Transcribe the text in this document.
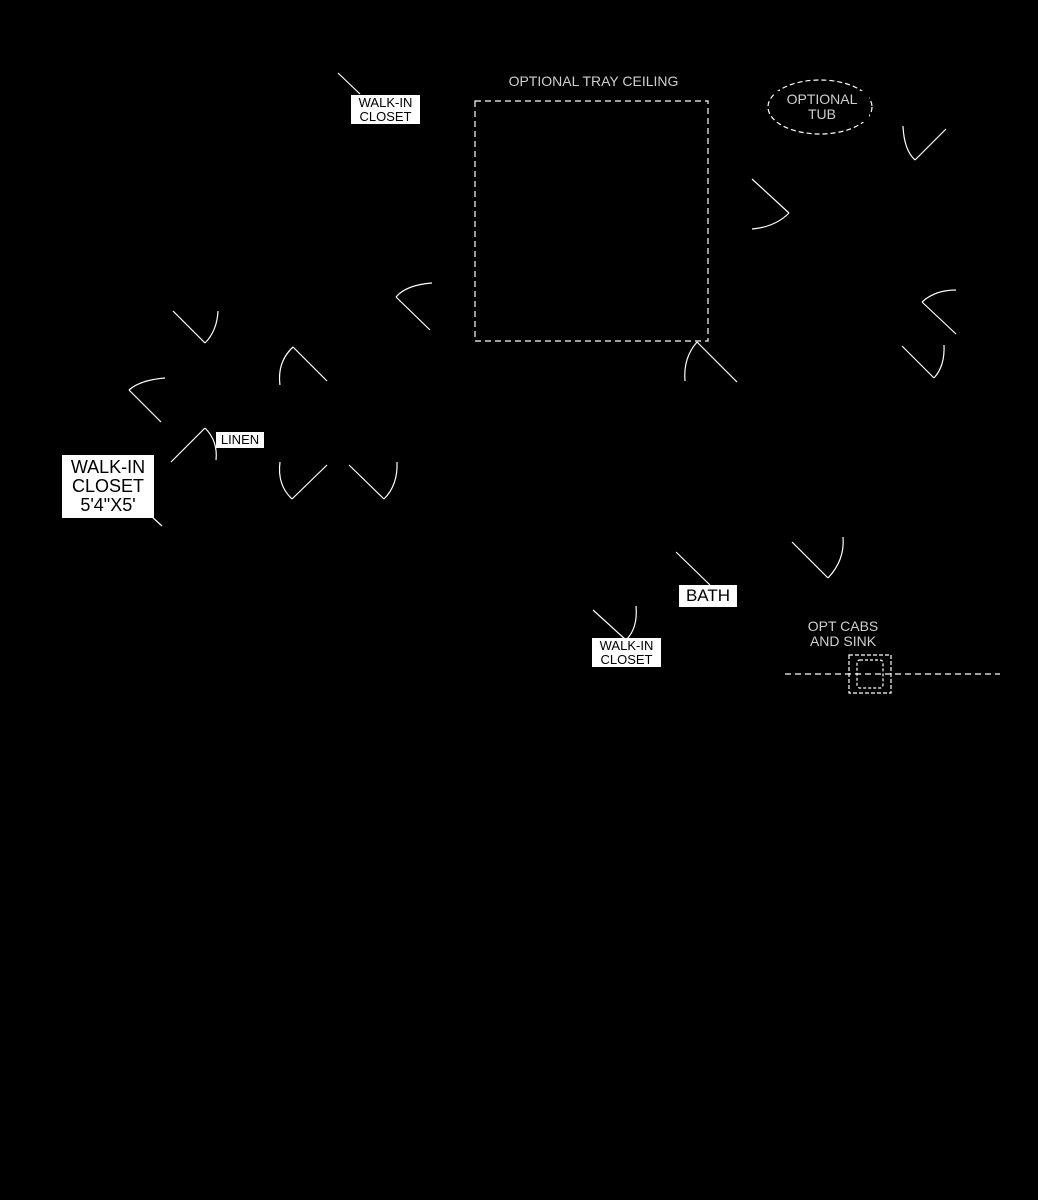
WALK-IN
CLOSET
OPTIONAL TRAY CEILING
OPTIONAL
TUB
LINEN
WALK-IN
CLOSET
5'4"X5'
BATH
WALK-IN
CLOSET
OPT CABS
AND SINK
